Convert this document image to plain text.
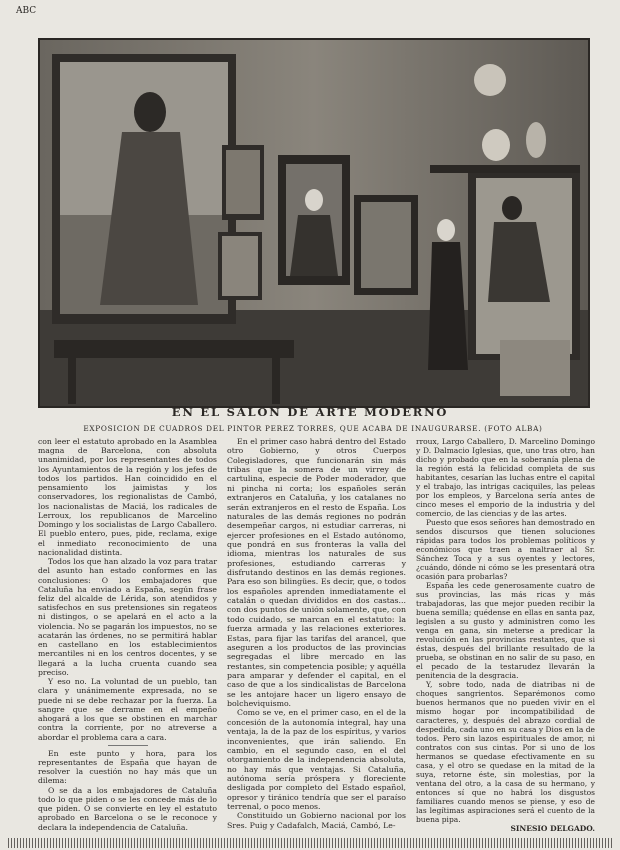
ABC
EN EL SALON DE ARTE MODERNO
EXPOSICION DE CUADROS DEL PINTOR PEREZ TORRES, QUE ACABA DE INAUGURARSE. (FOTO ALBA)

con leer el estatuto aprobado en la Asamblea magna de Barcelona, con absoluta unanimidad, por los representantes de todos los Ayuntamientos de la región y los jefes de todos los partidos. Han coincidido en el pensamiento los jaimistas y los conservadores, los regionalistas de Cambó, los nacionalistas de Maciá, los radicales de Lerroux, los republicanos de Marcelino Domingo y los socialistas de Largo Caballero. El pueblo entero, pues, pide, reclama, exige el inmediato reconocimiento de una nacionalidad distinta.

Todos los que han alzado la voz para tratar del asunto han estado conformes en las conclusiones: O los embajadores que Cataluña ha enviado a España, según frase feliz del alcalde de Lérida, son atendidos y satisfechos en sus pretensiones sin regateos ni distingos, o se apelará en el acto a la violencia. No se pagarán los impuestos, no se acatarán las órdenes, no se permitirá hablar en castellano en los establecimientos mercantiles ni en los centros docentes, y se llegará a la lucha cruenta cuando sea preciso.

Y eso no. La voluntad de un pueblo, tan clara y unánimemente expresada, no se puede ni se debe rechazar por la fuerza. La sangre que se derrame en el empeño ahogará a los que se obstinen en marchar contra la corriente, por no atreverse a abordar el problema cara a cara.

En este punto y hora, para los representantes de España que hayan de resolver la cuestión no hay más que un dilema:

O se da a los embajadores de Cataluña todo lo que piden o se les concede más de lo que piden. O se convierte en ley el estatuto aprobado en Barcelona o se le reconoce y declara la independencia de Cataluña.

En el primer caso habrá dentro del Estado otro Gobierno, y otros Cuerpos Colegisladores, que funcionarán sin más tribas que la somera de un virrey de cartulina, especie de Poder moderador, que ni pincha ni corta; los españoles serán extranjeros en Cataluña, y los catalanes no serán extranjeros en el resto de España. Los naturales de las demás regiones no podrán desempeñar cargos, ni estudiar carreras, ni ejercer profesiones en el Estado autónomo, que pondrá en sus fronteras la valla del idioma, mientras los naturales de sus profesiones, estudiando carreras y disfrutando destinos en las demás regiones. Para eso son bilingües. Es decir, que, o todos los españoles aprenden inmediatamente el catalán o quedan divididos en dos castas... con dos puntos de unión solamente, que, con todo cuidado, se marcan en el estatuto: la fuerza armada y las relaciones exteriores. Estas, para fijar las tarifas del arancel, que aseguren a los productos de las provincias segregadas el libre mercado en las restantes, sin competencia posible; y aquélla para amparar y defender el capital, en el caso de que a los sindicalistas de Barcelona se les antojare hacer un ligero ensayo de bolcheviquismo.

Como se ve, en el primer caso, en el de la concesión de la autonomía integral, hay una ventaja, la de la paz de los espíritus, y varios inconvenientes, que irán saliendo. En cambio, en el segundo caso, en el del otorgamiento de la independencia absoluta, no hay más que ventajas. Si Cataluña, autónoma sería próspera y floreciente desligada por completo del Estado español, opresor y tiránico tendría que ser el paraíso terrenal, o poco menos.

Constituido un Gobierno nacional por los Sres. Puig y Cadafalch, Maciá, Cambó, Le-

rroux, Largo Caballero, D. Marcelino Domingo y D. Dalmacio Iglesias, que, uno tras otro, han dicho y probado que en la soberanía plena de la región está la felicidad completa de sus habitantes, cesarían las luchas entre el capital y el trabajo, las intrigas caciquiles, las peleas por los empleos, y Barcelona sería antes de cinco meses el emporio de la industria y del comercio, de las ciencias y de las artes.

Puesto que esos señores han demostrado en sendos discursos que tienen soluciones rápidas para todos los problemas políticos y económicos que traen a maltraer al Sr. Sánchez Toca y a sus oyentes y lectores, ¿cuándo, dónde ni cómo se les presentará otra ocasión para probarlas?

España les cede generosamente cuatro de sus provincias, las más ricas y más trabajadoras, las que mejor pueden recibir la buena semilla; quédense en ellas en santa paz, legislen a su gusto y administren como les venga en gana, sin meterse a predicar la revolución en las provincias restantes, que si éstas, después del brillante resultado de la prueba, se obstinan en no salir de su paso, en el pecado de la testarudez llevarán la penitencia de la desgracia.

Y, sobre todo, nada de diatribas ni de choques sangrientos. Separémonos como buenos hermanos que no pueden vivir en el mismo hogar por incompatibilidad de caracteres, y, después del abrazo cordial de despedida, cada uno en su casa y Dios en la de todos. Pero sin lazos espirituales de amor, ni contratos con sus cintas. Por si uno de los hermanos se quedase efectivamente en su casa, y el otro se quedase en la mitad de la suya, retorne éste, sin molestias, por la ventana del otro, a la casa de su hermano, y entonces sí que no habrá los disgustos familiares cuando menos se piense, y eso de las legítimas aspiraciones será el cuento de la buena pipa.

SINESIO DELGADO.
